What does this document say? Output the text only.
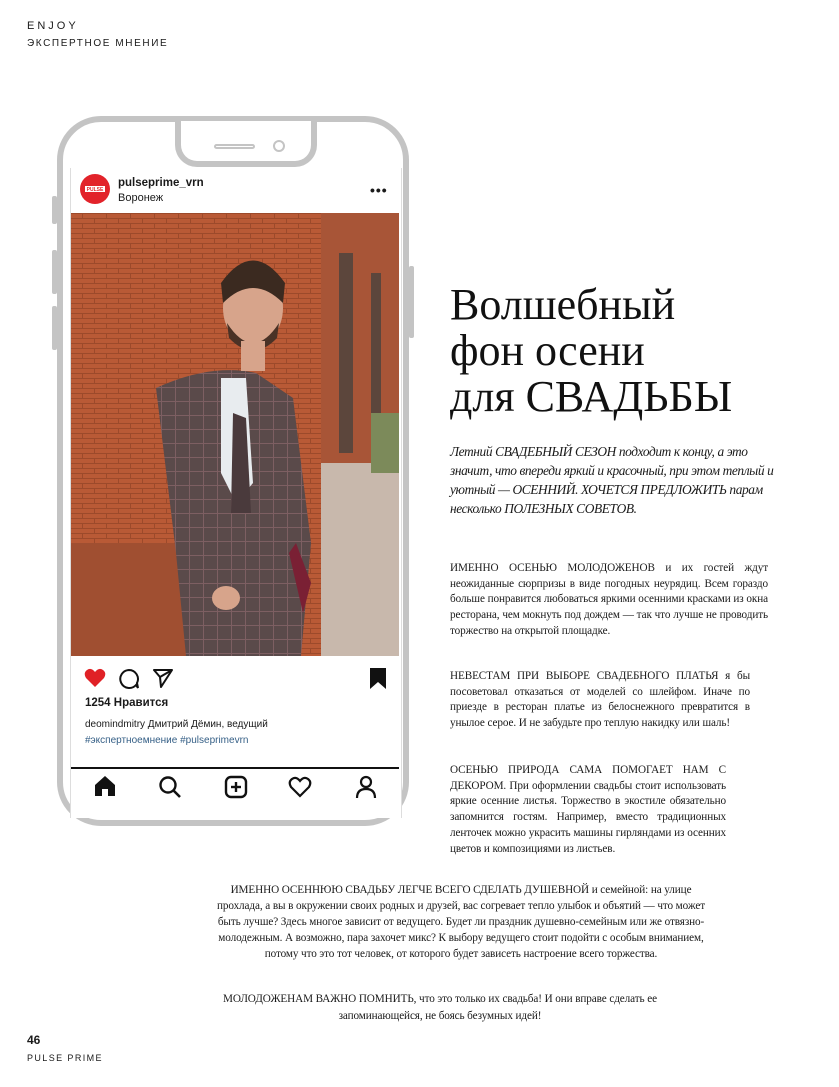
ENJOY
ЭКСПЕРТНОЕ МНЕНИЕ
PULSE
pulseprime_vrn
Воронеж	•••
1254 Нравится
deomindmitry Дмитрий Дёмин, ведущий
#экспертноемнение #pulseprimevrn
Волшебный
фон осени
для СВАДЬБЫ
Летний СВАДЕБНЫЙ СЕЗОН подходит к концу, а это значит, что впереди яркий и красочный, при этом теплый и уютный — ОСЕННИЙ. ХОЧЕТСЯ ПРЕДЛОЖИТЬ парам несколько ПОЛЕЗНЫХ СОВЕТОВ.
ИМЕННО ОСЕНЬЮ МОЛОДОЖЕНОВ и их гостей ждут неожиданные сюрпризы в виде погодных неурядиц. Всем гораздо больше понравится любоваться яркими осенними красками из окна ресторана, чем мокнуть под дождем — так что лучше не проводить торжество на открытой площадке.
НЕВЕСТАМ ПРИ ВЫБОРЕ СВАДЕБНОГО ПЛАТЬЯ я бы посоветовал отказаться от моделей со шлейфом. Иначе по приезде в ресторан платье из белоснежного превратится в унылое серое. И не забудьте про теплую накидку или шаль!
ОСЕНЬЮ ПРИРОДА САМА ПОМОГАЕТ НАМ С ДЕКОРОМ. При оформлении свадьбы стоит использовать яркие осенние листья. Торжество в экостиле обязательно запомнится гостям. Например, вместо традиционных ленточек можно украсить машины гирляндами из осенних цветов и композициями из листьев.
ИМЕННО ОСЕННЮЮ СВАДЬБУ ЛЕГЧЕ ВСЕГО СДЕЛАТЬ ДУШЕВНОЙ и семейной: на улице прохлада, а вы в окружении своих родных и друзей, вас согревает тепло улыбок и объятий — что может быть лучше? Здесь многое зависит от ведущего. Будет ли праздник душевно-семейным или же отвязно-молодежным. А возможно, пара захочет микс? К выбору ведущего стоит подойти с особым вниманием, потому что это тот человек, от которого будет зависеть настроение всего торжества.
МОЛОДОЖЕНАМ ВАЖНО ПОМНИТЬ, что это только их свадьба! И они вправе сделать ее запоминающейся, не боясь безумных идей!
46
PULSE PRIME
